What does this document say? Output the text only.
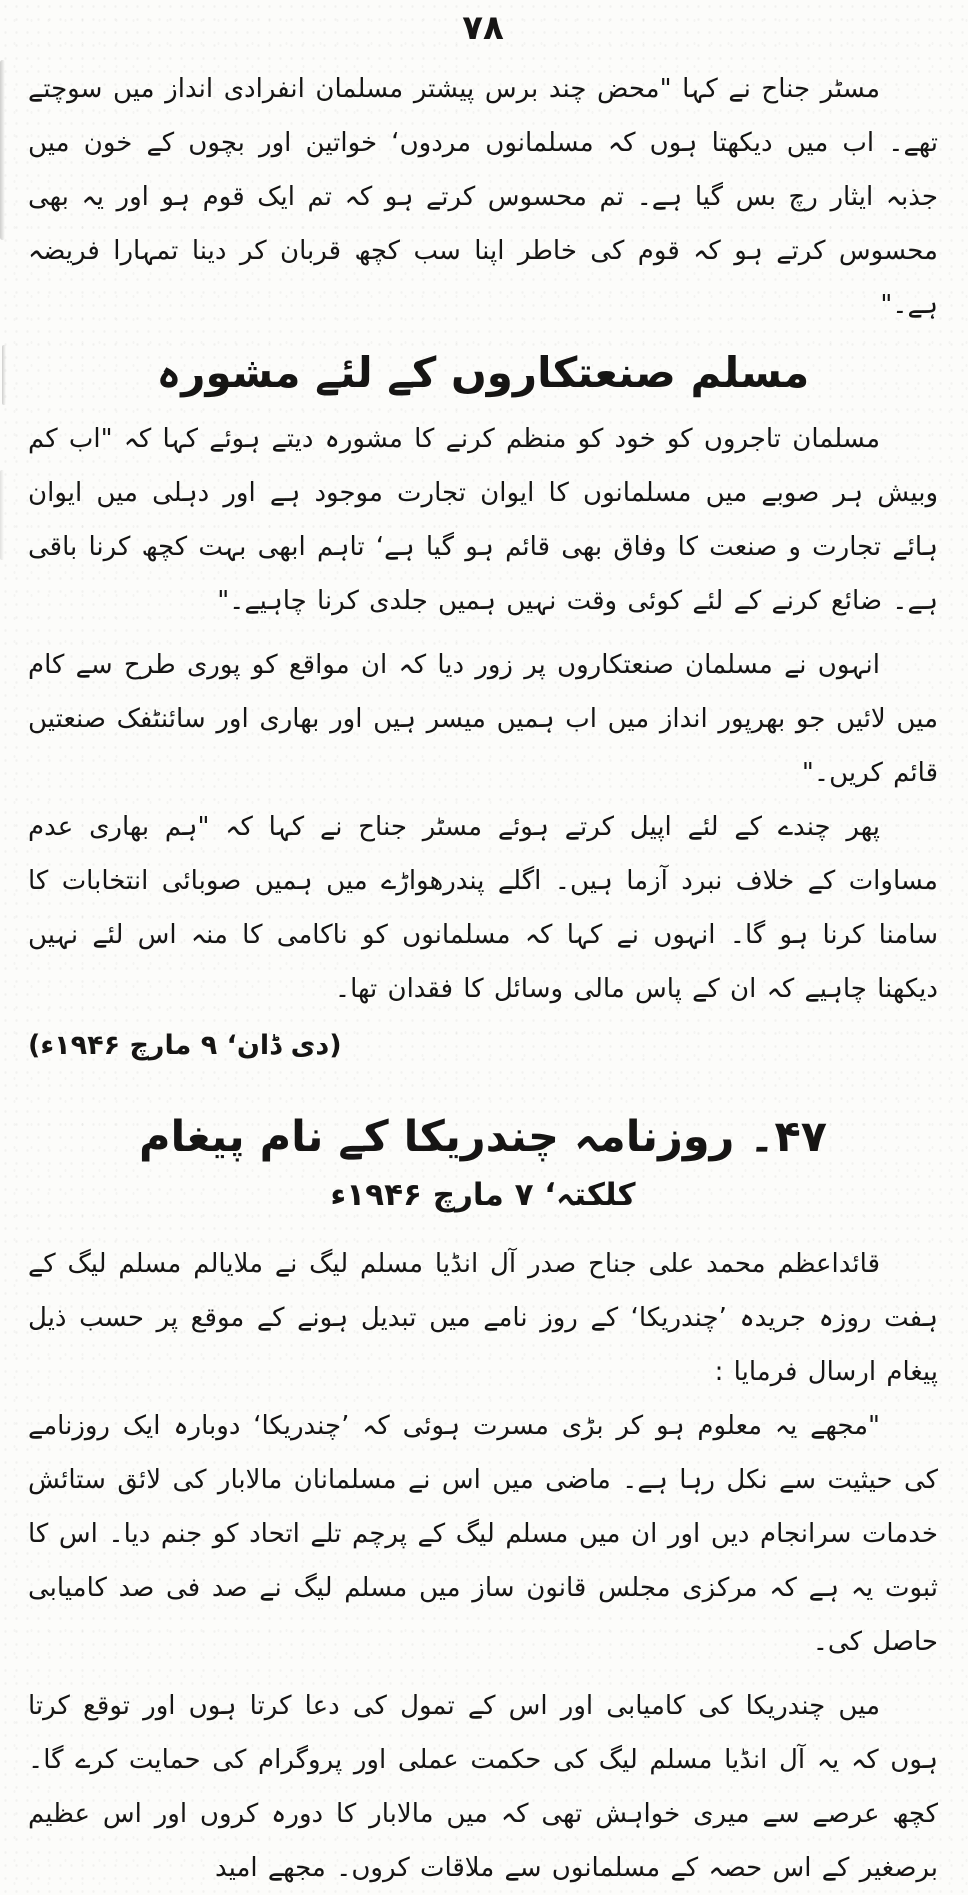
۷۸

مسٹر جناح نے کہا "محض چند برس پیشتر مسلمان انفرادی انداز میں سوچتے تھے۔ اب میں دیکھتا ہوں کہ مسلمانوں مردوں‘ خواتین اور بچوں کے خون میں جذبہ ایثار رچ بس گیا ہے۔ تم محسوس کرتے ہو کہ تم ایک قوم ہو اور یہ بھی محسوس کرتے ہو کہ قوم کی خاطر اپنا سب کچھ قربان کر دینا تمہارا فریضہ ہے۔"

مسلم صنعتکاروں کے لئے مشورہ

مسلمان تاجروں کو خود کو منظم کرنے کا مشورہ دیتے ہوئے کہا کہ "اب کم وبیش ہر صوبے میں مسلمانوں کا ایوان تجارت موجود ہے اور دہلی میں ایوان ہائے تجارت و صنعت کا وفاق بھی قائم ہو گیا ہے‘ تاہم ابھی بہت کچھ کرنا باقی ہے۔ ضائع کرنے کے لئے کوئی وقت نہیں ہمیں جلدی کرنا چاہیے۔"

انہوں نے مسلمان صنعتکاروں پر زور دیا کہ ان مواقع کو پوری طرح سے کام میں لائیں جو بھرپور انداز میں اب ہمیں میسر ہیں اور بھاری اور سائنٹفک صنعتیں قائم کریں۔"

پھر چندے کے لئے اپیل کرتے ہوئے مسٹر جناح نے کہا کہ "ہم بھاری عدم مساوات کے خلاف نبرد آزما ہیں۔ اگلے پندرھواڑے میں ہمیں صوبائی انتخابات کا سامنا کرنا ہو گا۔ انہوں نے کہا کہ مسلمانوں کو ناکامی کا منہ اس لئے نہیں دیکھنا چاہیے کہ ان کے پاس مالی وسائل کا فقدان تھا۔

(دی ڈان‘ ۹ مارچ ۱۹۴۶ء)
۴۷۔ روزنامہ چندریکا کے نام پیغام
کلکتہ‘ ۷ مارچ ۱۹۴۶ء

قائداعظم محمد علی جناح صدر آل انڈیا مسلم لیگ نے ملایالم مسلم لیگ کے ہفت روزہ جریدہ ’چندریکا‘ کے روز نامے میں تبدیل ہونے کے موقع پر حسب ذیل پیغام ارسال فرمایا :

"مجھے یہ معلوم ہو کر بڑی مسرت ہوئی کہ ’چندریکا‘ دوبارہ ایک روزنامے کی حیثیت سے نکل رہا ہے۔ ماضی میں اس نے مسلمانان مالابار کی لائق ستائش خدمات سرانجام دیں اور ان میں مسلم لیگ کے پرچم تلے اتحاد کو جنم دیا۔ اس کا ثبوت یہ ہے کہ مرکزی مجلس قانون ساز میں مسلم لیگ نے صد فی صد کامیابی حاصل کی۔

میں چندریکا کی کامیابی اور اس کے تمول کی دعا کرتا ہوں اور توقع کرتا ہوں کہ یہ آل انڈیا مسلم لیگ کی حکمت عملی اور پروگرام کی حمایت کرے گا۔ کچھ عرصے سے میری خواہش تھی کہ میں مالابار کا دورہ کروں اور اس عظیم برصغیر کے اس حصہ کے مسلمانوں سے ملاقات کروں۔ مجھے امید
